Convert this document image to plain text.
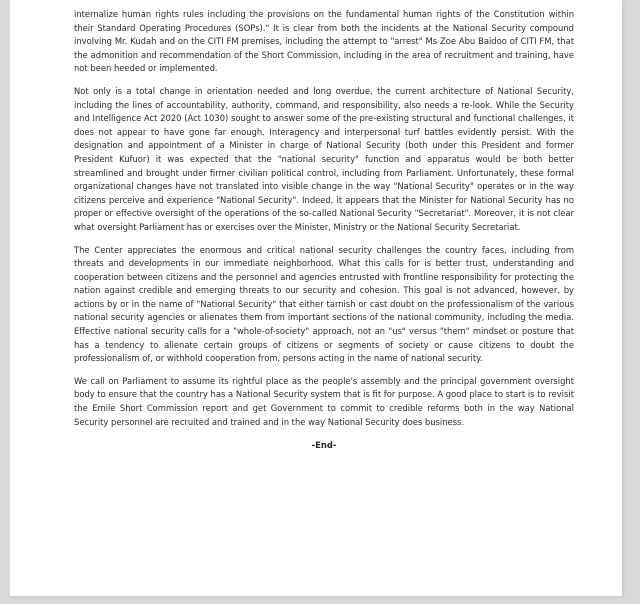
internalize human rights rules including the provisions on the fundamental human rights of the Constitution within their Standard Operating Procedures (SOPs)." It is clear from both the incidents at the National Security compound involving Mr. Kudah and on the CITI FM premises, including the attempt to "arrest" Ms Zoe Abu Baidoo of CITI FM, that the admonition and recommendation of the Short Commission, including in the area of recruitment and training, have not been heeded or implemented.

Not only is a total change in orientation needed and long overdue, the current architecture of National Security, including the lines of accountability, authority, command, and responsibility, also needs a re-look. While the Security and Intelligence Act 2020 (Act 1030) sought to answer some of the pre-existing structural and functional challenges, it does not appear to have gone far enough. Interagency and interpersonal turf battles evidently persist. With the designation and appointment of a Minister in charge of National Security (both under this President and former President Kufuor) it was expected that the "national security" function and apparatus would be both better streamlined and brought under firmer civilian political control, including from Parliament. Unfortunately, these formal organizational changes have not translated into visible change in the way "National Security" operates or in the way citizens perceive and experience "National Security". Indeed, it appears that the Minister for National Security has no proper or effective oversight of the operations of the so-called National Security "Secretariat". Moreover, it is not clear what oversight Parliament has or exercises over the Minister, Ministry or the National Security Secretariat.

The Center appreciates the enormous and critical national security challenges the country faces, including from threats and developments in our immediate neighborhood. What this calls for is better trust, understanding and cooperation between citizens and the personnel and agencies entrusted with frontline responsibility for protecting the nation against credible and emerging threats to our security and cohesion. This goal is not advanced, however, by actions by or in the name of "National Security" that either tarnish or cast doubt on the professionalism of the various national security agencies or alienates them from important sections of the national community, including the media. Effective national security calls for a "whole-of-society" approach, not an "us" versus "them" mindset or posture that has a tendency to alienate certain groups of citizens or segments of society or cause citizens to doubt the professionalism of, or withhold cooperation from, persons acting in the name of national security.

We call on Parliament to assume its rightful place as the people's assembly and the principal government oversight body to ensure that the country has a National Security system that is fit for purpose. A good place to start is to revisit the Emile Short Commission report and get Government to commit to credible reforms both in the way National Security personnel are recruited and trained and in the way National Security does business.

-End-
